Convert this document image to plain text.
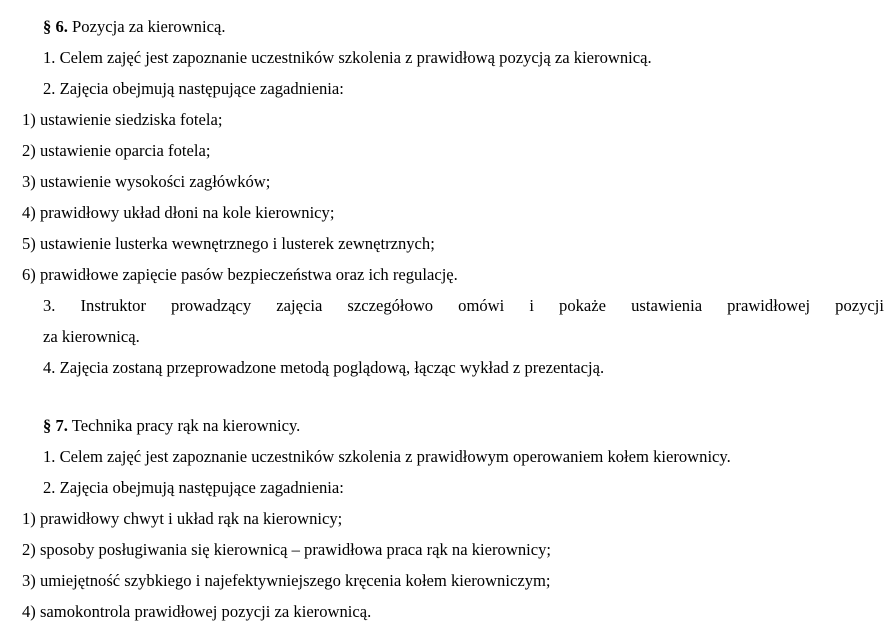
§ 6. Pozycja za kierownicą.
1. Celem zajęć jest zapoznanie uczestników szkolenia z prawidłową pozycją za kierownicą.
2. Zajęcia obejmują następujące zagadnienia:
1) ustawienie siedziska fotela;
2) ustawienie oparcia fotela;
3) ustawienie wysokości zagłówków;
4) prawidłowy układ dłoni na kole kierownicy;
5) ustawienie lusterka wewnętrznego i lusterek zewnętrznych;
6) prawidłowe zapięcie pasów bezpieczeństwa oraz ich regulację.
3. Instruktor prowadzący zajęcia szczegółowo omówi i pokaże ustawienia prawidłowej pozycji
za kierownicą.
4. Zajęcia zostaną przeprowadzone metodą poglądową, łącząc wykład z prezentacją.
§ 7. Technika pracy rąk na kierownicy.
1. Celem zajęć jest zapoznanie uczestników szkolenia z prawidłowym operowaniem kołem kierownicy.
2. Zajęcia obejmują następujące zagadnienia:
1) prawidłowy chwyt i układ rąk na kierownicy;
2) sposoby posługiwania się kierownicą – prawidłowa praca rąk na kierownicy;
3) umiejętność szybkiego i najefektywniejszego kręcenia kołem kierowniczym;
4) samokontrola prawidłowej pozycji za kierownicą.
